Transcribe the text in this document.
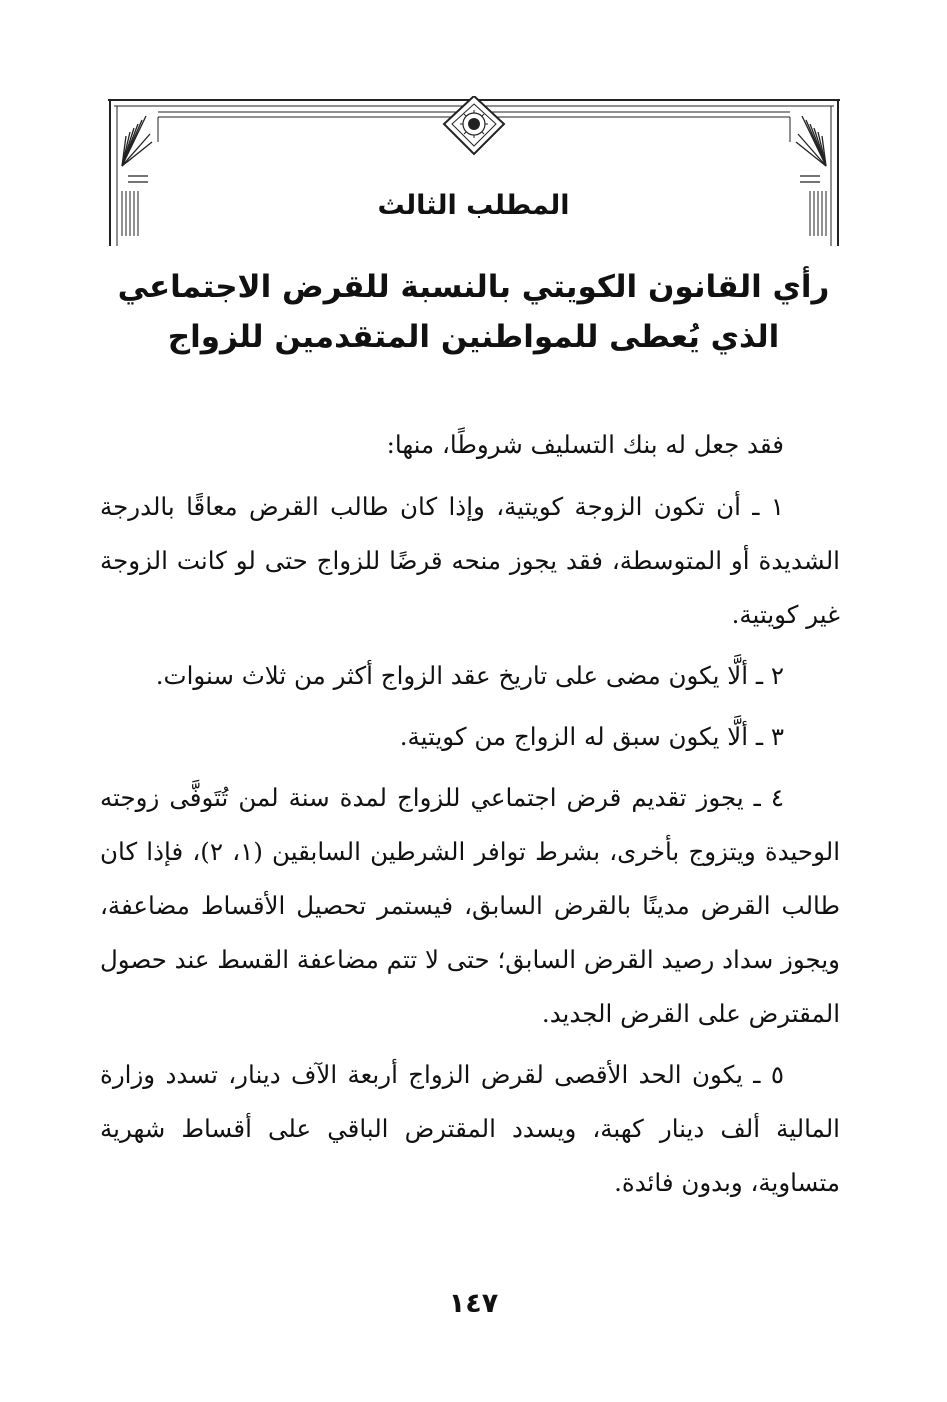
المطلب الثالث
رأي القانون الكويتي بالنسبة للقرض الاجتماعي
الذي يُعطى للمواطنين المتقدمين للزواج

فقد جعل له بنك التسليف شروطًا، منها:

١ ـ أن تكون الزوجة كويتية، وإذا كان طالب القرض معاقًا بالدرجة الشديدة أو المتوسطة، فقد يجوز منحه قرضًا للزواج حتى لو كانت الزوجة غير كويتية.

٢ ـ ألَّا يكون مضى على تاريخ عقد الزواج أكثر من ثلاث سنوات.

٣ ـ ألَّا يكون سبق له الزواج من كويتية.

٤ ـ يجوز تقديم قرض اجتماعي للزواج لمدة سنة لمن تُتَوفَّى زوجته الوحيدة ويتزوج بأخرى، بشرط توافر الشرطين السابقين (١، ٢)، فإذا كان طالب القرض مدينًا بالقرض السابق، فيستمر تحصيل الأقساط مضاعفة، ويجوز سداد رصيد القرض السابق؛ حتى لا تتم مضاعفة القسط عند حصول المقترض على القرض الجديد.

٥ ـ يكون الحد الأقصى لقرض الزواج أربعة الآف دينار، تسدد وزارة المالية ألف دينار كهبة، ويسدد المقترض الباقي على أقساط شهرية متساوية، وبدون فائدة.

١٤٧
